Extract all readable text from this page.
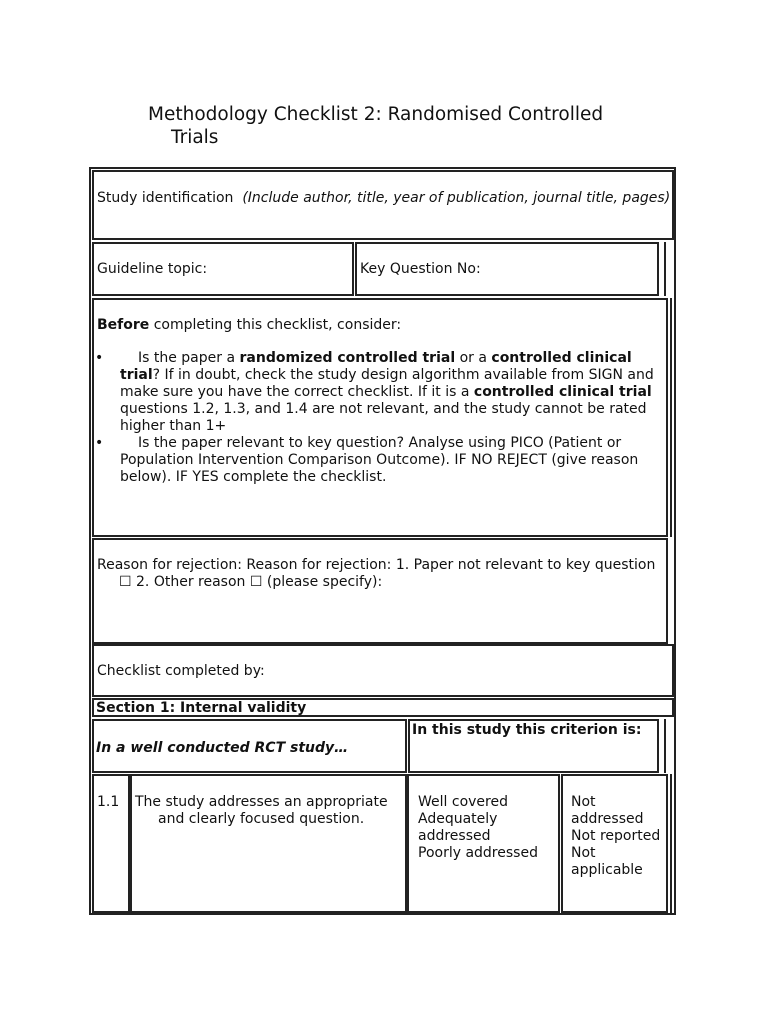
Methodology Checklist 2: Randomised Controlled
Trials
Study identification (Include author, title, year of publication, journal title, pages)
Guideline topic:	Key Question No:
Before completing this checklist, consider:
• Is the paper a randomized controlled trial or a controlled clinical trial? If in doubt, check the study design algorithm available from SIGN and make sure you have the correct checklist. If it is a controlled clinical trial questions 1.2, 1.3, and 1.4 are not relevant, and the study cannot be rated higher than 1+
• Is the paper relevant to key question? Analyse using PICO (Patient or Population Intervention Comparison Outcome). IF NO REJECT (give reason below). IF YES complete the checklist.
Reason for rejection: Reason for rejection: 1. Paper not relevant to key question ☐ 2. Other reason ☐ (please specify):
Checklist completed by:
Section 1: Internal validity
In a well conducted RCT study…
In this study this criterion is:
1.1 The study addresses an appropriate and clearly focused question.
Well covered
Adequately addressed
Poorly addressed
Not addressed
Not reported
Not applicable
